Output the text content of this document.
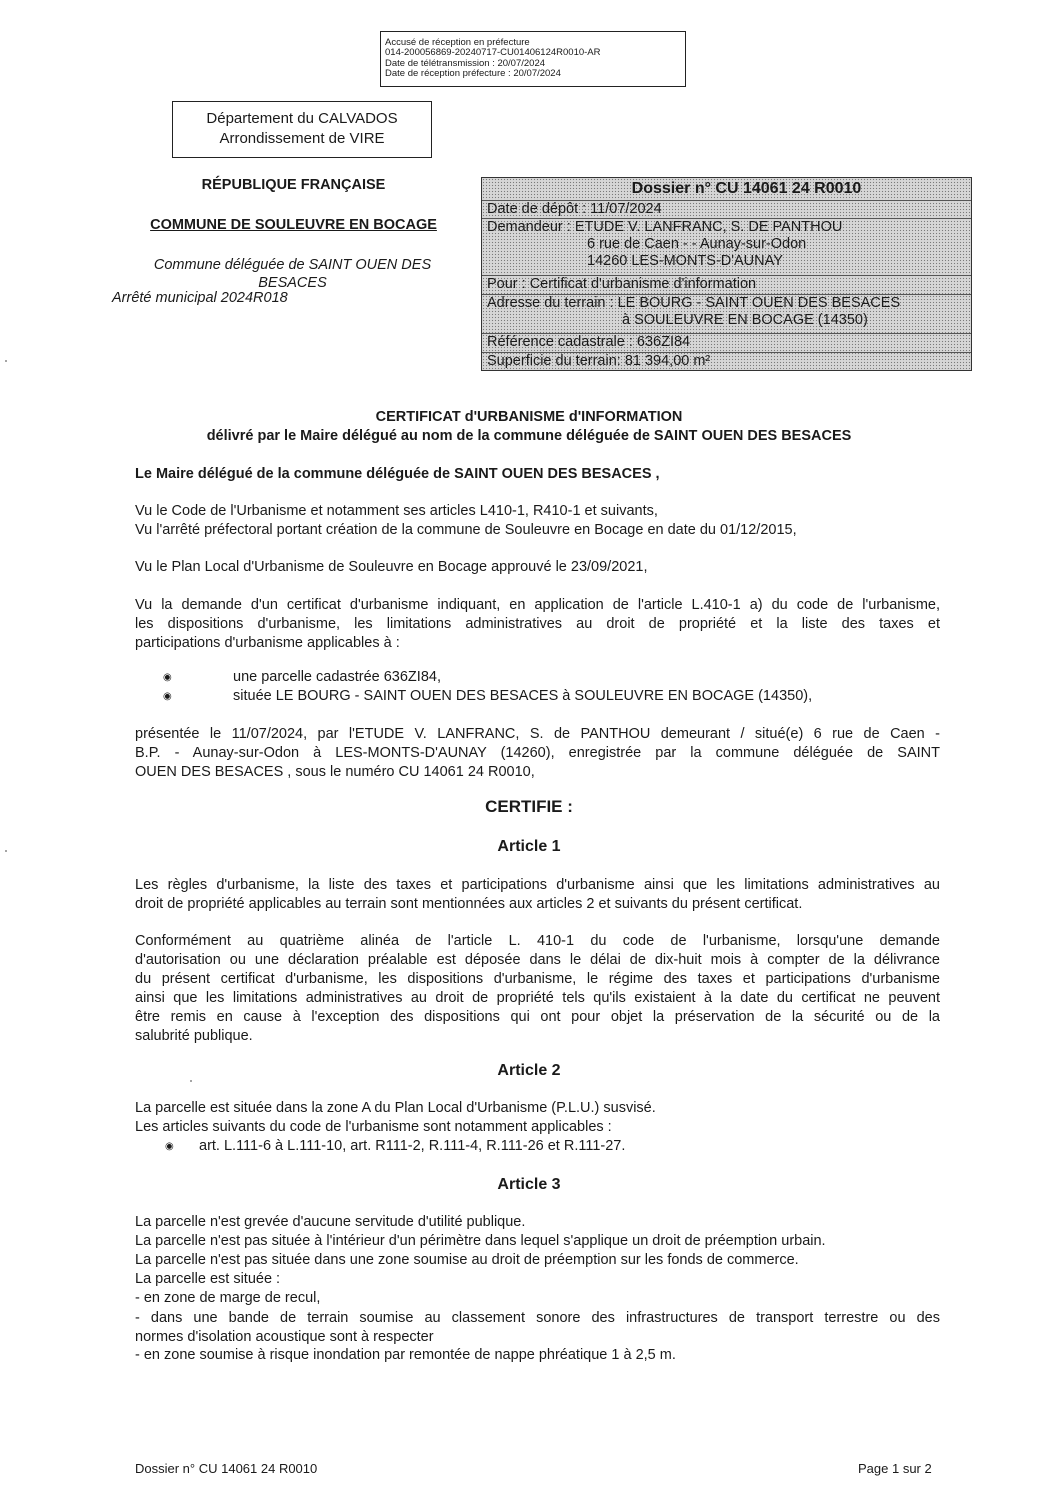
Accusé de réception en préfecture
014-200056869-20240717-CU01406124R0010-AR
Date de télétransmission : 20/07/2024
Date de réception préfecture : 20/07/2024
Département du CALVADOS
Arrondissement de VIRE
RÉPUBLIQUE FRANÇAISE
COMMUNE DE SOULEUVRE EN BOCAGE
Commune déléguée de SAINT OUEN DES
BESACES
Arrêté municipal 2024R018
Dossier n° CU 14061 24 R0010
Date de dépôt : 11/07/2024
Demandeur : ETUDE V. LANFRANC, S. DE PANTHOU
6 rue de Caen - - Aunay-sur-Odon
14260 LES-MONTS-D'AUNAY
Pour : Certificat d'urbanisme d'information
Adresse du terrain : LE BOURG - SAINT OUEN DES BESACES
à SOULEUVRE EN BOCAGE (14350)
Référence cadastrale : 636ZI84
Superficie du terrain: 81 394,00 m²
CERTIFICAT d'URBANISME d'INFORMATION
délivré par le Maire délégué au nom de la commune déléguée de SAINT OUEN DES BESACES
Le Maire délégué de la commune déléguée de SAINT OUEN DES BESACES ,
Vu le Code de l'Urbanisme et notamment ses articles L410-1, R410-1 et suivants,
Vu l'arrêté préfectoral portant création de la commune de Souleuvre en Bocage en date du 01/12/2015,
Vu le Plan Local d'Urbanisme de Souleuvre en Bocage approuvé le 23/09/2021,
Vu la demande d'un certificat d'urbanisme indiquant, en application de l'article L.410-1 a) du code de l'urbanisme,
les dispositions d'urbanisme, les limitations administratives au droit de propriété et la liste des taxes et
participations d'urbanisme applicables à :
◉	une parcelle cadastrée 636ZI84,
◉	située LE BOURG - SAINT OUEN DES BESACES à SOULEUVRE EN BOCAGE (14350),
présentée le 11/07/2024, par l'ETUDE V. LANFRANC, S. de PANTHOU demeurant / situé(e) 6 rue de Caen -
B.P. - Aunay-sur-Odon à LES-MONTS-D'AUNAY (14260), enregistrée par la commune déléguée de SAINT
OUEN DES BESACES , sous le numéro CU 14061 24 R0010,
CERTIFIE :
Article 1
Les règles d'urbanisme, la liste des taxes et participations d'urbanisme ainsi que les limitations administratives au
droit de propriété applicables au terrain sont mentionnées aux articles 2 et suivants du présent certificat.
Conformément au quatrième alinéa de l'article L. 410-1 du code de l'urbanisme, lorsqu'une demande
d'autorisation ou une déclaration préalable est déposée dans le délai de dix-huit mois à compter de la délivrance
du présent certificat d'urbanisme, les dispositions d'urbanisme, le régime des taxes et participations d'urbanisme
ainsi que les limitations administratives au droit de propriété tels qu'ils existaient à la date du certificat ne peuvent
être remis en cause à l'exception des dispositions qui ont pour objet la préservation de la sécurité ou de la
salubrité publique.
Article 2
La parcelle est située dans la zone A du Plan Local d'Urbanisme (P.L.U.) susvisé.
Les articles suivants du code de l'urbanisme sont notamment applicables :
◉ art. L.111-6 à L.111-10, art. R111-2, R.111-4, R.111-26 et R.111-27.
Article 3
La parcelle n'est grevée d'aucune servitude d'utilité publique.
La parcelle n'est pas située à l'intérieur d'un périmètre dans lequel s'applique un droit de préemption urbain.
La parcelle n'est pas située dans une zone soumise au droit de préemption sur les fonds de commerce.
La parcelle est située :
- en zone de marge de recul,
- dans une bande de terrain soumise au classement sonore des infrastructures de transport terrestre ou des
normes d'isolation acoustique sont à respecter
- en zone soumise à risque inondation par remontée de nappe phréatique 1 à 2,5 m.
Dossier n° CU 14061 24 R0010	Page 1 sur 2
